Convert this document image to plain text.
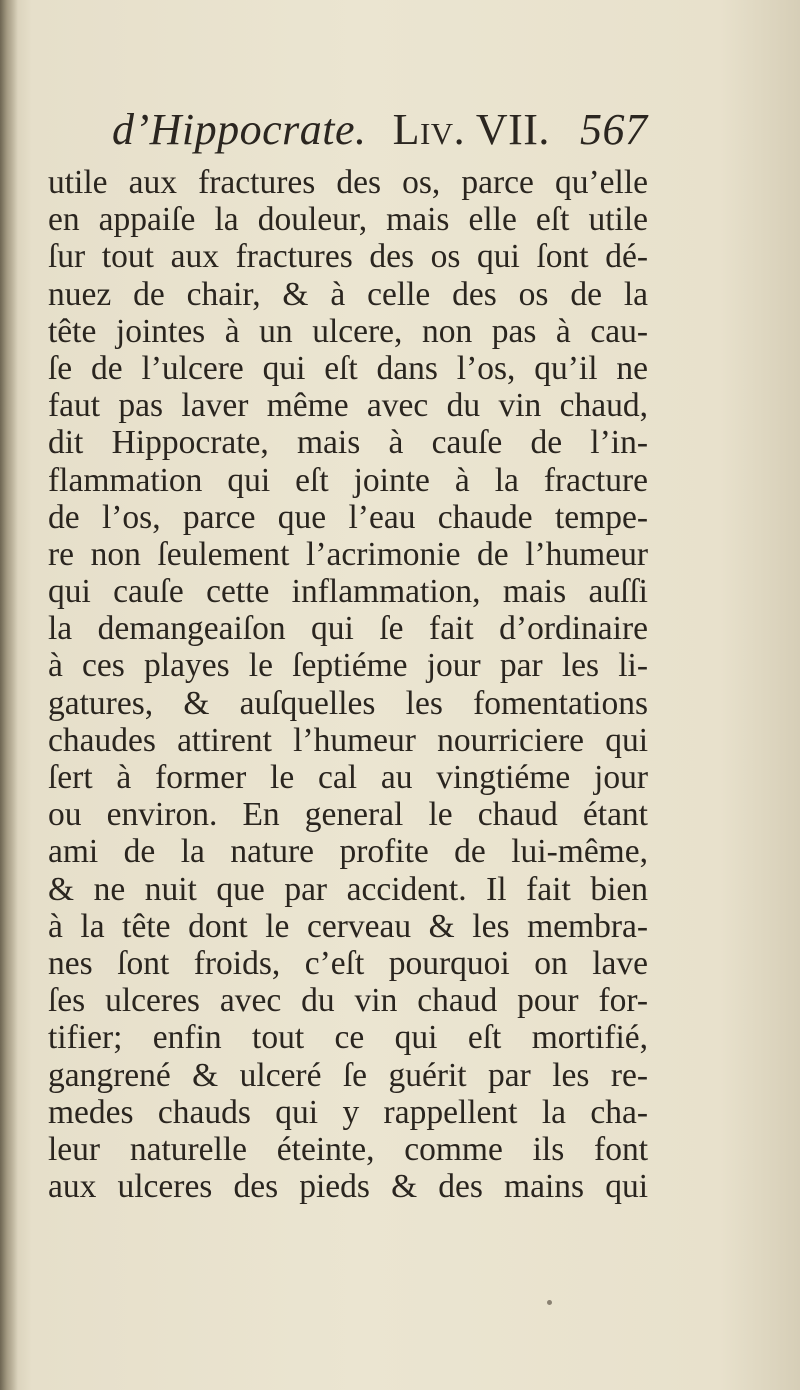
d’Hippocrate. Liv. VII. 567
utile aux fractures des os, parce qu’elle
en appaiſe la douleur, mais elle eſt utile
ſur tout aux fractures des os qui ſont dé-
nuez de chair, & à celle des os de la
tête jointes à un ulcere, non pas à cau-
ſe de l’ulcere qui eſt dans l’os, qu’il ne
faut pas laver même avec du vin chaud,
dit Hippocrate, mais à cauſe de l’in-
flammation qui eſt jointe à la fracture
de l’os, parce que l’eau chaude tempe-
re non ſeulement l’acrimonie de l’humeur
qui cauſe cette inflammation, mais auſſi
la demangeaiſon qui ſe fait d’ordinaire
à ces playes le ſeptiéme jour par les li-
gatures, & auſquelles les fomentations
chaudes attirent l’humeur nourriciere qui
ſert à former le cal au vingtiéme jour
ou environ. En general le chaud étant
ami de la nature profite de lui-même,
& ne nuit que par accident. Il fait bien
à la tête dont le cerveau & les membra-
nes ſont froids, c’eſt pourquoi on lave
ſes ulceres avec du vin chaud pour for-
tifier; enfin tout ce qui eſt mortifié,
gangrené & ulceré ſe guérit par les re-
medes chauds qui y rappellent la cha-
leur naturelle éteinte, comme ils font
aux ulceres des pieds & des mains qui
